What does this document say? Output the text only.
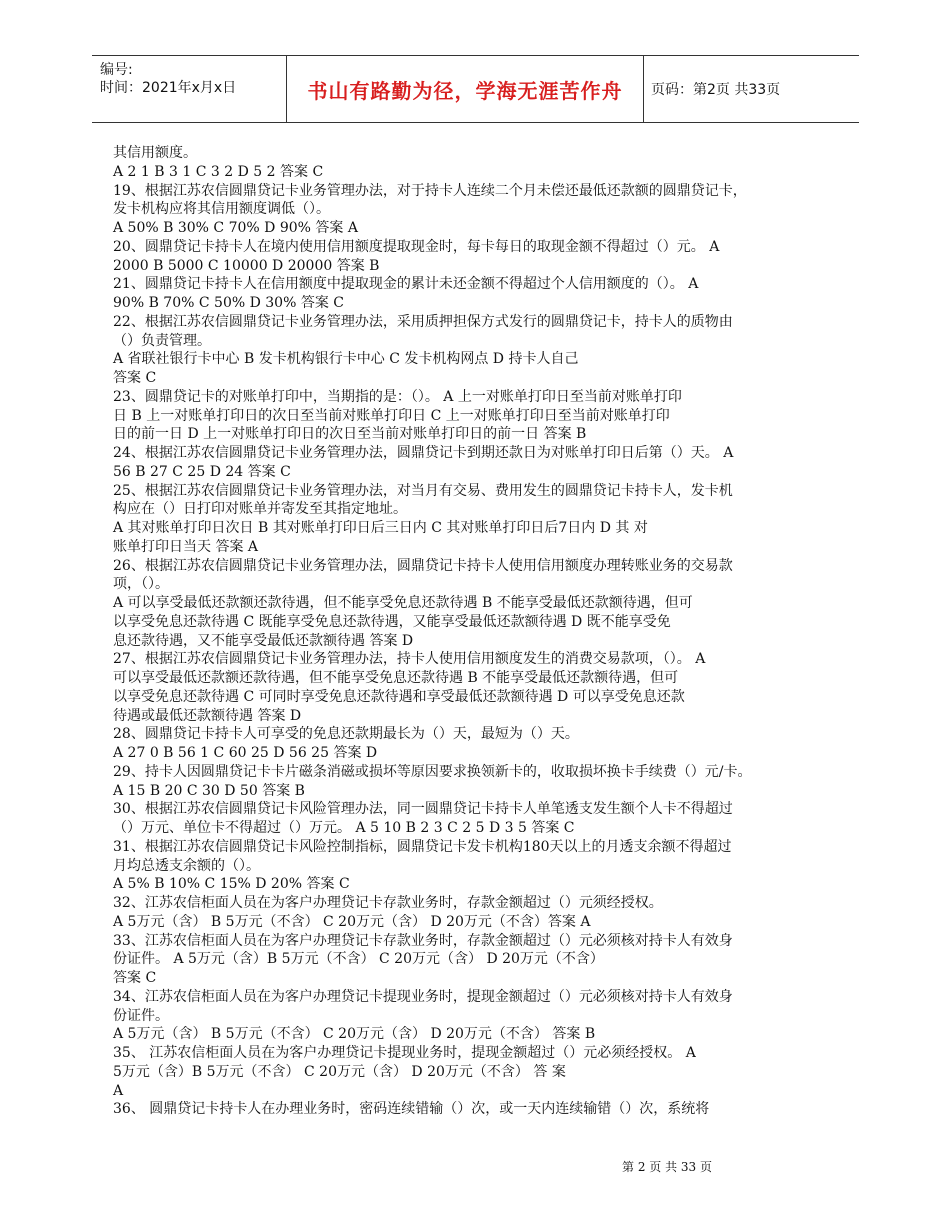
编号:
时间：2021年x月x日	书山有路勤为径，学海无涯苦作舟 页码：第2页 共33页
其信用额度。
A 2 1 B 3 1 C 3 2 D 5 2 答案 C
19、根据江苏农信圆鼎贷记卡业务管理办法，对于持卡人连续二个月未偿还最低还款额的圆鼎贷记卡，
发卡机构应将其信用额度调低（）。
A 50% B 30% C 70% D 90% 答案 A
20、圆鼎贷记卡持卡人在境内使用信用额度提取现金时，每卡每日的取现金额不得超过（）元。 A
2000 B 5000 C 10000 D 20000 答案 B
21、圆鼎贷记卡持卡人在信用额度中提取现金的累计未还金额不得超过个人信用额度的（）。 A
90% B 70% C 50% D 30% 答案 C
22、根据江苏农信圆鼎贷记卡业务管理办法，采用质押担保方式发行的圆鼎贷记卡，持卡人的质物由
（）负责管理。
A 省联社银行卡中心 B 发卡机构银行卡中心 C 发卡机构网点 D 持卡人自己
答案 C
23、圆鼎贷记卡的对账单打印中，当期指的是：（）。 A 上一对账单打印日至当前对账单打印
日 B 上一对账单打印日的次日至当前对账单打印日 C 上一对账单打印日至当前对账单打印
日的前一日 D 上一对账单打印日的次日至当前对账单打印日的前一日 答案 B
24、根据江苏农信圆鼎贷记卡业务管理办法，圆鼎贷记卡到期还款日为对账单打印日后第（）天。 A
56 B 27 C 25 D 24 答案 C
25、根据江苏农信圆鼎贷记卡业务管理办法，对当月有交易、费用发生的圆鼎贷记卡持卡人，发卡机
构应在（）日打印对账单并寄发至其指定地址。
A 其对账单打印日次日 B 其对账单打印日后三日内 C 其对账单打印日后7日内 D 其 对
账单打印日当天 答案 A
26、根据江苏农信圆鼎贷记卡业务管理办法，圆鼎贷记卡持卡人使用信用额度办理转账业务的交易款
项，（）。
A 可以享受最低还款额还款待遇，但不能享受免息还款待遇 B 不能享受最低还款额待遇，但可
以享受免息还款待遇 C 既能享受免息还款待遇，又能享受最低还款额待遇 D 既不能享受免
息还款待遇，又不能享受最低还款额待遇 答案 D
27、根据江苏农信圆鼎贷记卡业务管理办法，持卡人使用信用额度发生的消费交易款项，（）。 A
可以享受最低还款额还款待遇，但不能享受免息还款待遇 B 不能享受最低还款额待遇，但可
以享受免息还款待遇 C 可同时享受免息还款待遇和享受最低还款额待遇 D 可以享受免息还款
待遇或最低还款额待遇 答案 D
28、圆鼎贷记卡持卡人可享受的免息还款期最长为（）天，最短为（）天。
A 27 0 B 56 1 C 60 25 D 56 25 答案 D
29、持卡人因圆鼎贷记卡卡片磁条消磁或损坏等原因要求换领新卡的，收取损坏换卡手续费（）元/卡。
A 15 B 20 C 30 D 50 答案 B
30、根据江苏农信圆鼎贷记卡风险管理办法，同一圆鼎贷记卡持卡人单笔透支发生额个人卡不得超过
（）万元、单位卡不得超过（）万元。 A 5 10 B 2 3 C 2 5 D 3 5 答案 C
31、根据江苏农信圆鼎贷记卡风险控制指标，圆鼎贷记卡发卡机构180天以上的月透支余额不得超过
月均总透支余额的（）。
A 5% B 10% C 15% D 20% 答案 C
32、江苏农信柜面人员在为客户办理贷记卡存款业务时，存款金额超过（）元须经授权。
A 5万元（含） B 5万元（不含） C 20万元（含） D 20万元（不含）答案 A
33、江苏农信柜面人员在为客户办理贷记卡存款业务时，存款金额超过（）元必须核对持卡人有效身
份证件。 A 5万元（含）B 5万元（不含） C 20万元（含） D 20万元（不含）
答案 C
34、江苏农信柜面人员在为客户办理贷记卡提现业务时，提现金额超过（）元必须核对持卡人有效身
份证件。
A 5万元（含） B 5万元（不含） C 20万元（含） D 20万元（不含） 答案 B
35、 江苏农信柜面人员在为客户办理贷记卡提现业务时，提现金额超过（）元必须经授权。 A
5万元（含）B 5万元（不含） C 20万元（含） D 20万元（不含） 答 案
A
36、 圆鼎贷记卡持卡人在办理业务时，密码连续错输（）次，或一天内连续输错（）次，系统将
第 2 页 共 33 页
